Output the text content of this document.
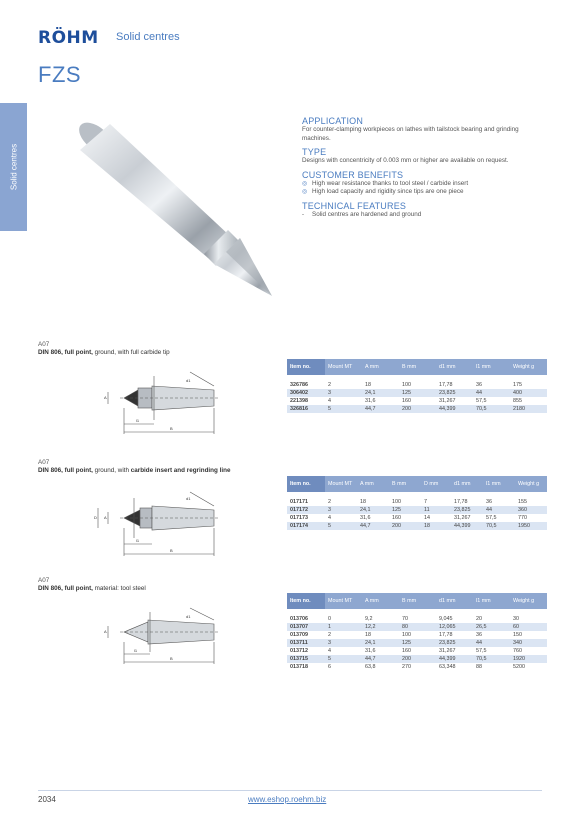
RÖHM Solid centres
FZS
Solid centres
APPLICATION

For counter-clamping workpieces on lathes with tailstock bearing and grinding machines.

TYPE

Designs with concentricity of 0.003 mm or higher are available on request.

CUSTOMER BENEFITS
◎ High wear resistance thanks to tool steel / carbide insert
◎ High load capacity and rigidity since tips are one piece
TECHNICAL FEATURES
- Solid centres are hardened and ground
A07
DIN 806, full point, ground, with full carbide tip
A
l1
B
d1
Item no.	Mount MT	A mm	B mm	d1 mm	l1 mm	Weight g

326786	2	18	100	17,78	36	175
306402	3	24,1	125	23,825	44	400
221398	4	31,6	160	31,267	57,5	855
326816	5	44,7	200	44,399	70,5	2180
A07
DIN 806, full point, ground, with carbide insert and regrinding line
D A
l1
B
d1
Item no.	Mount MT	A mm	B mm	D mm	d1 mm	l1 mm	Weight g

017171	2	18	100	7	17,78	36	155
017172	3	24,1	125	11	23,825	44	360
017173	4	31,6	160	14	31,267	57,5	770
017174	5	44,7	200	18	44,399	70,5	1950
A07
DIN 806, full point, material: tool steel
A
l1
B
d1
Item no.	Mount MT	A mm	B mm	d1 mm	l1 mm	Weight g

013706	0	9,2	70	9,045	20	30
013707	1	12,2	80	12,065	26,5	60
013709	2	18	100	17,78	36	150
013711	3	24,1	125	23,825	44	340
013712	4	31,6	160	31,267	57,5	760
013715	5	44,7	200	44,399	70,5	1920
013718	6	63,8	270	63,348	88	5200
2034	www.eshop.roehm.biz
